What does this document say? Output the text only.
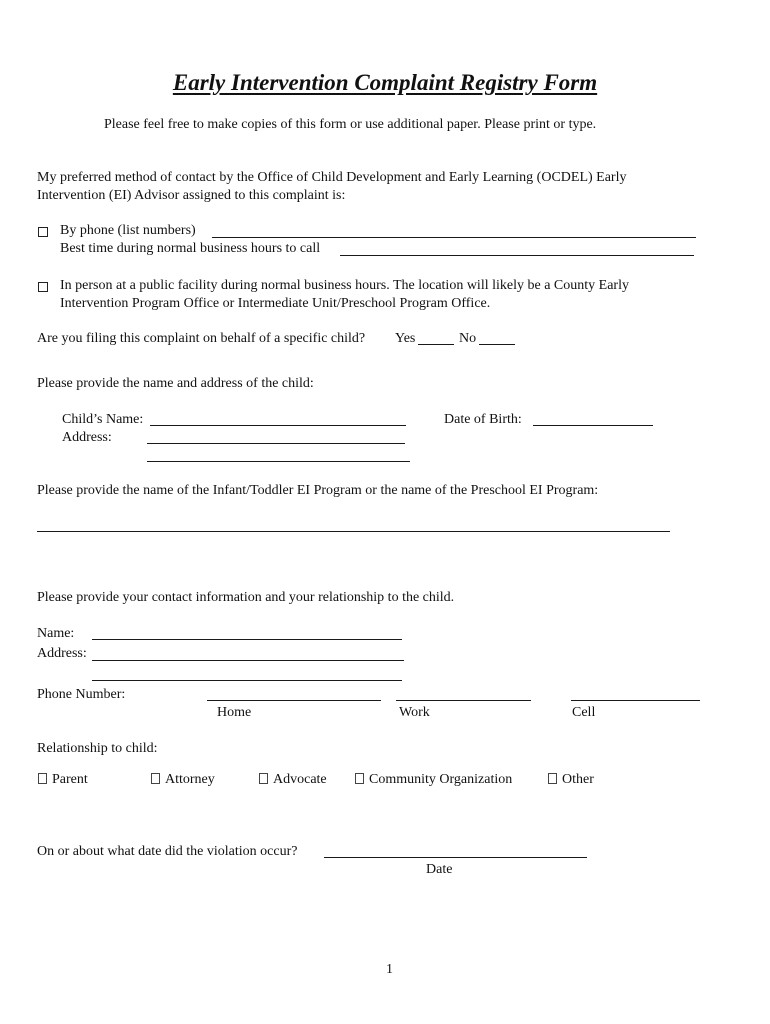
Early Intervention Complaint Registry Form
Please feel free to make copies of this form or use additional paper. Please print or type.
My preferred method of contact by the Office of Child Development and Early Learning (OCDEL) Early
Intervention (EI) Advisor assigned to this complaint is:
By phone (list numbers)
Best time during normal business hours to call
In person at a public facility during normal business hours. The location will likely be a County Early
Intervention Program Office or Intermediate Unit/Preschool Program Office.
Are you filing this complaint on behalf of a specific child? Yes	No
Please provide the name and address of the child:
Child’s Name:	Date of Birth:
Address:
Please provide the name of the Infant/Toddler EI Program or the name of the Preschool EI Program:
Please provide your contact information and your relationship to the child.
Name:
Address:
Phone Number:
Home	Work	Cell
Relationship to child:
Parent	Attorney	Advocate	Community Organization	Other
On or about what date did the violation occur?
Date
1
